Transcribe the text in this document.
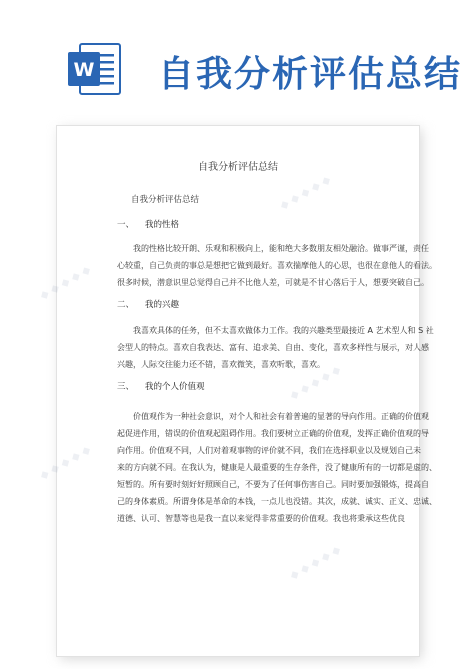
W 自我分析评估总结
◆ ◆ ◆ ◆ ◆
◆ ◆ ◆ ◆ ◆
◆ ◆ ◆ ◆ ◆
◆ ◆ ◆ ◆ ◆
◆ ◆ ◆ ◆ ◆
自我分析评估总结
自我分析评估总结
一、 我的性格
我的性格比较开朗、乐观和积极向上，能和绝大多数朋友相处融洽。做事严谨，责任
心较重，自己负责的事总是想把它做到最好。喜欢揣摩他人的心思，也很在意他人的看法。
很多时候，潜意识里总觉得自己并不比他人差，可就是不甘心落后于人，想要突破自己。
二、 我的兴趣
我喜欢具体的任务，但不太喜欢做体力工作。我的兴趣类型最接近 A 艺术型人和 S 社
会型人的特点。喜欢自我表达、富有、追求美、自由、变化，喜欢多样性与展示，对人感
兴趣，人际交往能力还不错，喜欢微笑，喜欢听歌，喜欢。
三、 我的个人价值观
价值观作为一种社会意识，对个人和社会有着普遍的显著的导向作用。正确的价值观
起促进作用，错误的价值观起阻碍作用。我们要树立正确的价值观，发挥正确价值观的导
向作用。价值观不同，人们对着观事物的评价就不同，我们在选择职业以及规划自己未
来的方向就不同。在我认为，健康是人最重要的生存条件，没了健康所有的一切都是虚的、
短暂的。所有要时刻好好照顾自己，不要为了任何事伤害自己。同时要加强锻炼，提高自
己的身体素质。所谓身体是革命的本钱，一点儿也没错。其次，成就、诚实、正义、忠诚、
道德、认可、智慧等也是我一直以来觉得非常重要的价值观。我也将秉承这些优良
